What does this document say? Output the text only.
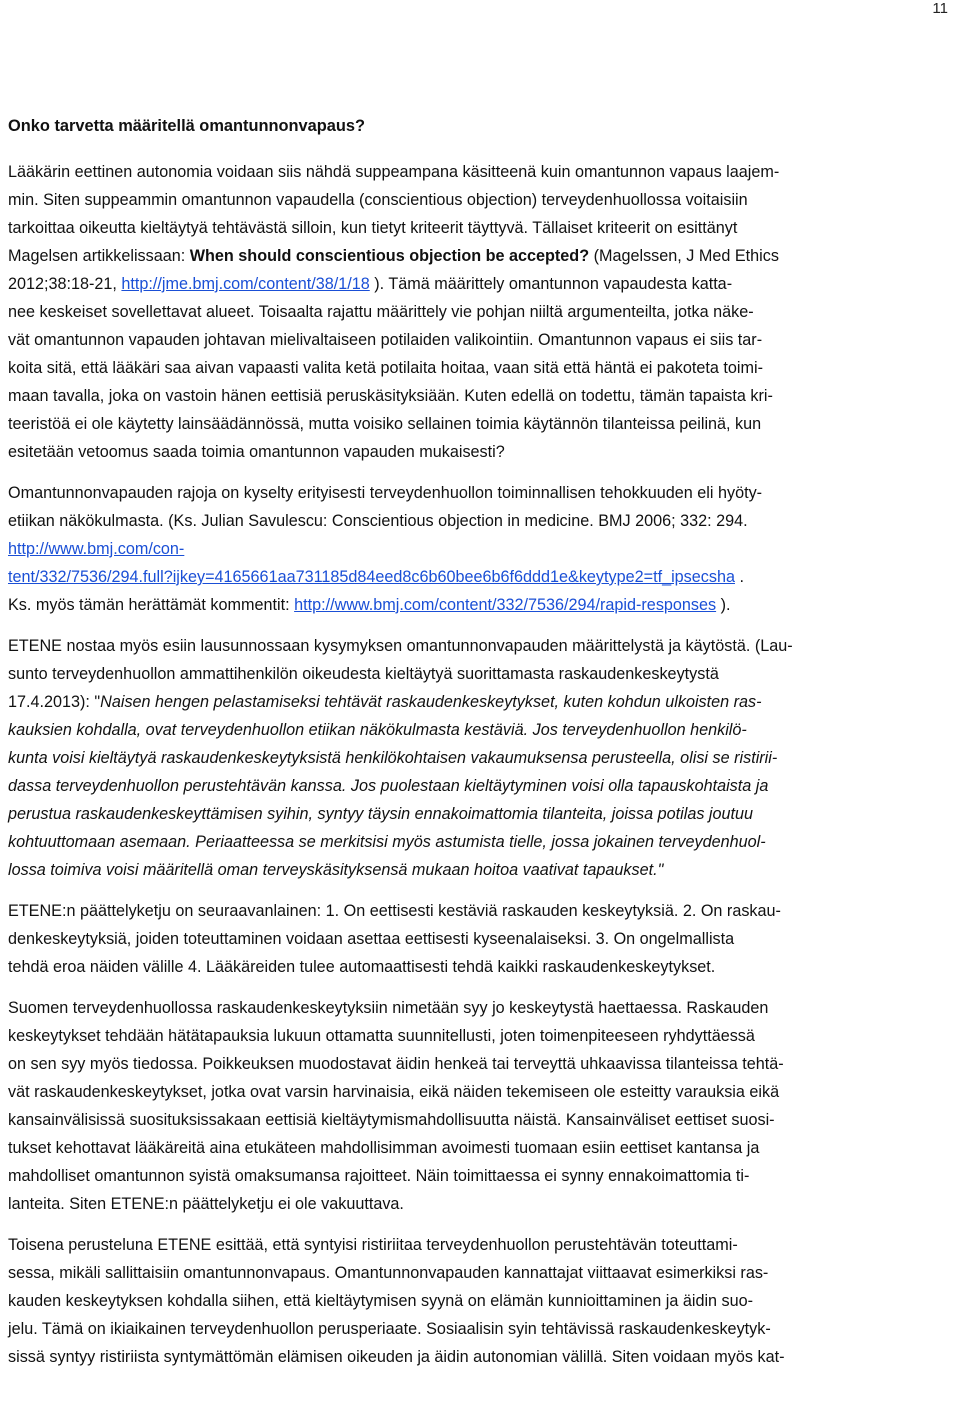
11
Onko tarvetta määritellä omantunnonvapaus?
Lääkärin eettinen autonomia voidaan siis nähdä suppeampana käsitteenä kuin omantunnon vapaus laajem-
min. Siten suppeammin omantunnon vapaudella (conscientious objection) terveydenhuollossa voitaisiin
tarkoittaa oikeutta kieltäytyä tehtävästä silloin, kun tietyt kriteerit täyttyvä. Tällaiset kriteerit on esittänyt
Magelsen artikkelissaan: When should conscientious objection be accepted? (Magelssen, J Med Ethics
2012;38:18-21, http://jme.bmj.com/content/38/1/18 ). Tämä määrittely omantunnon vapaudesta katta-
nee keskeiset sovellettavat alueet. Toisaalta rajattu määrittely vie pohjan niiltä argumenteilta, jotka näke-
vät omantunnon vapauden johtavan mielivaltaiseen potilaiden valikointiin. Omantunnon vapaus ei siis tar-
koita sitä, että lääkäri saa aivan vapaasti valita ketä potilaita hoitaa, vaan sitä että häntä ei pakoteta toimi-
maan tavalla, joka on vastoin hänen eettisiä peruskäsityksiään. Kuten edellä on todettu, tämän tapaista kri-
teeristöä ei ole käytetty lainsäädännössä, mutta voisiko sellainen toimia käytännön tilanteissa peilinä, kun
esitetään vetoomus saada toimia omantunnon vapauden mukaisesti?
Omantunnonvapauden rajoja on kyselty erityisesti terveydenhuollon toiminnallisen tehokkuuden eli hyöty-
etiikan näkökulmasta. (Ks. Julian Savulescu: Conscientious objection in medicine. BMJ 2006; 332: 294.
http://www.bmj.com/con-
tent/332/7536/294.full?ijkey=4165661aa731185d84eed8c6b60bee6b6f6ddd1e&keytype2=tf_ipsecsha .
Ks. myös tämän herättämät kommentit: http://www.bmj.com/content/332/7536/294/rapid-responses ).
ETENE nostaa myös esiin lausunnossaan kysymyksen omantunnonvapauden määrittelystä ja käytöstä. (Lau-
sunto terveydenhuollon ammattihenkilön oikeudesta kieltäytyä suorittamasta raskaudenkeskeytystä
17.4.2013): "Naisen hengen pelastamiseksi tehtävät raskaudenkeskeytykset, kuten kohdun ulkoisten ras-
kauksien kohdalla, ovat terveydenhuollon etiikan näkökulmasta kestäviä. Jos terveydenhuollon henkilö-
kunta voisi kieltäytyä raskaudenkeskeytyksistä henkilökohtaisen vakaumuksensa perusteella, olisi se ristirii-
dassa terveydenhuollon perustehtävän kanssa. Jos puolestaan kieltäytyminen voisi olla tapauskohtaista ja
perustua raskaudenkeskeyttämisen syihin, syntyy täysin ennakoimattomia tilanteita, joissa potilas joutuu
kohtuuttomaan asemaan. Periaatteessa se merkitsisi myös astumista tielle, jossa jokainen terveydenhuol-
lossa toimiva voisi määritellä oman terveyskäsityksensä mukaan hoitoa vaativat tapaukset."
ETENE:n päättelyketju on seuraavanlainen: 1. On eettisesti kestäviä raskauden keskeytyksiä. 2. On raskau-
denkeskeytyksiä, joiden toteuttaminen voidaan asettaa eettisesti kyseenalaiseksi. 3. On ongelmallista
tehdä eroa näiden välille 4. Lääkäreiden tulee automaattisesti tehdä kaikki raskaudenkeskeytykset.
Suomen terveydenhuollossa raskaudenkeskeytyksiin nimetään syy jo keskeytystä haettaessa. Raskauden
keskeytykset tehdään hätätapauksia lukuun ottamatta suunnitellusti, joten toimenpiteeseen ryhdyttäessä
on sen syy myös tiedossa. Poikkeuksen muodostavat äidin henkeä tai terveyttä uhkaavissa tilanteissa tehtä-
vät raskaudenkeskeytykset, jotka ovat varsin harvinaisia, eikä näiden tekemiseen ole esteitty varauksia eikä
kansainvälisissä suosituksissakaan eettisiä kieltäytymismahdollisuutta näistä. Kansainväliset eettiset suosi-
tukset kehottavat lääkäreitä aina etukäteen mahdollisimman avoimesti tuomaan esiin eettiset kantansa ja
mahdolliset omantunnon syistä omaksumansa rajoitteet. Näin toimittaessa ei synny ennakoimattomia ti-
lanteita. Siten ETENE:n päättelyketju ei ole vakuuttava.
Toisena perusteluna ETENE esittää, että syntyisi ristiriitaa terveydenhuollon perustehtävän toteuttami-
sessa, mikäli sallittaisiin omantunnonvapaus. Omantunnonvapauden kannattajat viittaavat esimerkiksi ras-
kauden keskeytyksen kohdalla siihen, että kieltäytymisen syynä on elämän kunnioittaminen ja äidin suo-
jelu. Tämä on ikiaikainen terveydenhuollon perusperiaate. Sosiaalisin syin tehtävissä raskaudenkeskeytyk-
sissä syntyy ristiriista syntymättömän elämisen oikeuden ja äidin autonomian välillä. Siten voidaan myös kat-
